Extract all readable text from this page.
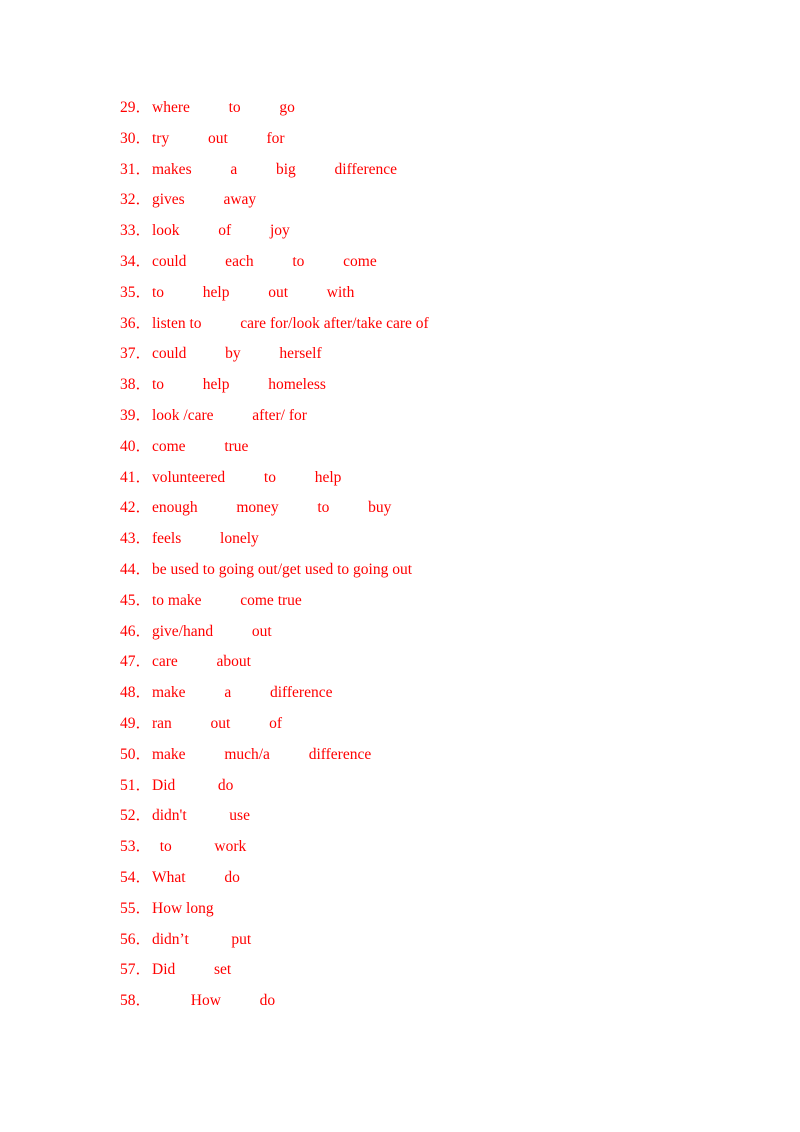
29． where          to          go
30． try          out          for
31． makes          a          big          difference
32． gives          away
33． look          of          joy
34． could          each          to          come
35． to          help          out          with
36． listen to          care for/look after/take care of
37． could          by          herself
38． to          help          homeless
39． look /care          after/ for
40． come          true
41． volunteered          to          help
42． enough          money          to          buy
43． feels          lonely
44． be used to going out/get used to going out
45． to make          come true
46． give/hand          out
47． care          about
48． make          a          difference
49． ran          out          of
50． make          much/a          difference
51． Did           do
52． didn't           use
53． to           work
54． What          do
55． How long
56． didn’t           put
57． Did          set
58． How          do
